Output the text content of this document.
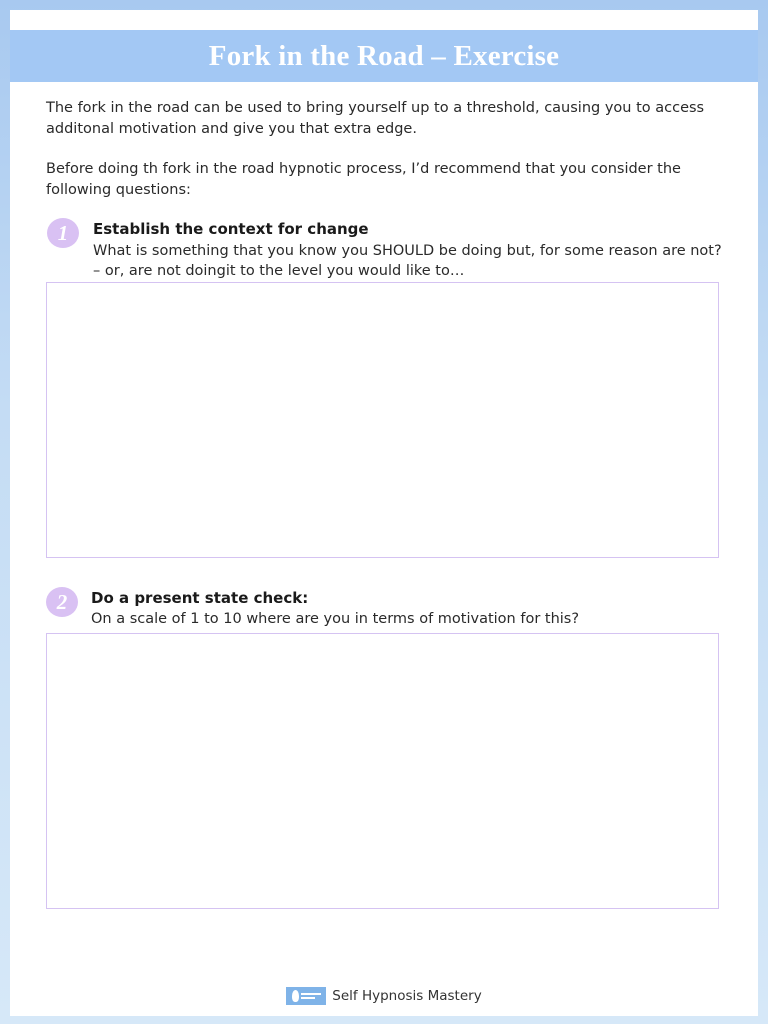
Fork in the Road – Exercise

The fork in the road can be used to bring yourself up to a threshold, causing you to access additonal motivation and give you that extra edge.

Before doing th fork in the road hypnotic process, I’d recommend that you consider the following questions:

1	Establish the context for change

What is something that you know you SHOULD be doing but, for some reason are not? – or, are not doingit to the level you would like to…

2	Do a present state check:

On a scale of 1 to 10 where are you in terms of motivation for this?

Self Hypnosis Mastery
